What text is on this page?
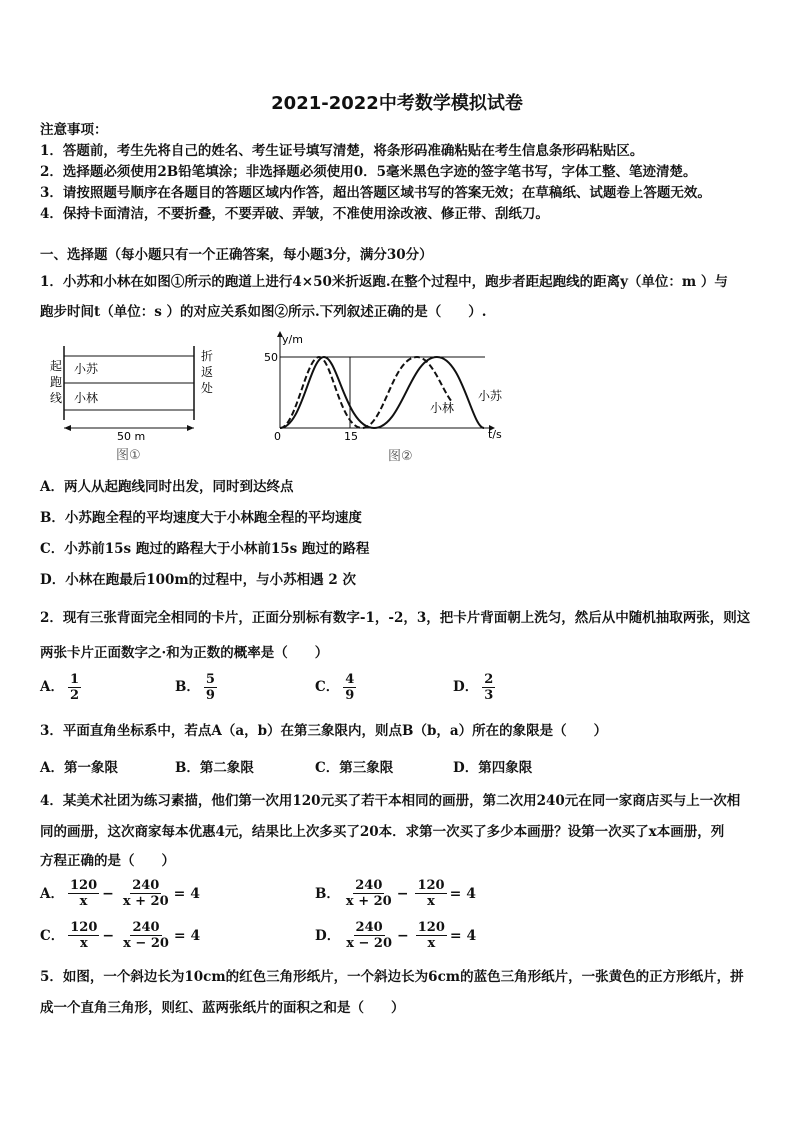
2021-2022中考数学模拟试卷
注意事项：
1．答题前，考生先将自己的姓名、考生证号填写清楚，将条形码准确粘贴在考生信息条形码粘贴区。
2．选择题必须使用2B铅笔填涂；非选择题必须使用0．5毫米黑色字迹的签字笔书写，字体工整、笔迹清楚。
3．请按照题号顺序在各题目的答题区域内作答，超出答题区域书写的答案无效；在草稿纸、试题卷上答题无效。
4．保持卡面清洁，不要折叠，不要弄破、弄皱，不准使用涂改液、修正带、刮纸刀。
一、选择题（每小题只有一个正确答案，每小题3分，满分30分）
1．小苏和小林在如图①所示的跑道上进行4×50米折返跑.在整个过程中，跑步者距起跑线的距离y（单位：m ）与
跑步时间t（单位：s ）的对应关系如图②所示.下列叙述正确的是（　　）.
起
跑
线
折
返
处
小苏
小林
50 m
图①
y/m
50
0	15	t/s
小林
小苏
图②
A．两人从起跑线同时出发，同时到达终点
B．小苏跑全程的平均速度大于小林跑全程的平均速度
C．小苏前15s 跑过的路程大于小林前15s 跑过的路程
D．小林在跑最后100m的过程中，与小苏相遇 2 次
2．现有三张背面完全相同的卡片，正面分别标有数字-1，-2，3，把卡片背面朝上洗匀，然后从中随机抽取两张，则这
两张卡片正面数字之·和为正数的概率是（　　）
A． $\frac{1}{2}$	B． $\frac{5}{9}$	C． $\frac{4}{9}$	D． $\frac{2}{3}$
3．平面直角坐标系中，若点A（a，b）在第三象限内，则点B（b，a）所在的象限是（　　）
A．第一象限	B．第二象限	C．第三象限	D．第四象限
4．某美术社团为练习素描，他们第一次用120元买了若干本相同的画册，第二次用240元在同一家商店买与上一次相
同的画册，这次商家每本优惠4元，结果比上次多买了20本．求第一次买了多少本画册？设第一次买了x本画册，列
方程正确的是（　　）
A． $\frac{120}{x} - \frac{240}{x + 20} = 4$	B． $\frac{240}{x + 20} - \frac{120}{x} = 4$
C． $\frac{120}{x} - \frac{240}{x - 20} = 4$	D． $\frac{240}{x - 20} - \frac{120}{x} = 4$
5．如图，一个斜边长为10cm的红色三角形纸片，一个斜边长为6cm的蓝色三角形纸片，一张黄色的正方形纸片，拼
成一个直角三角形，则红、蓝两张纸片的面积之和是（　　）
